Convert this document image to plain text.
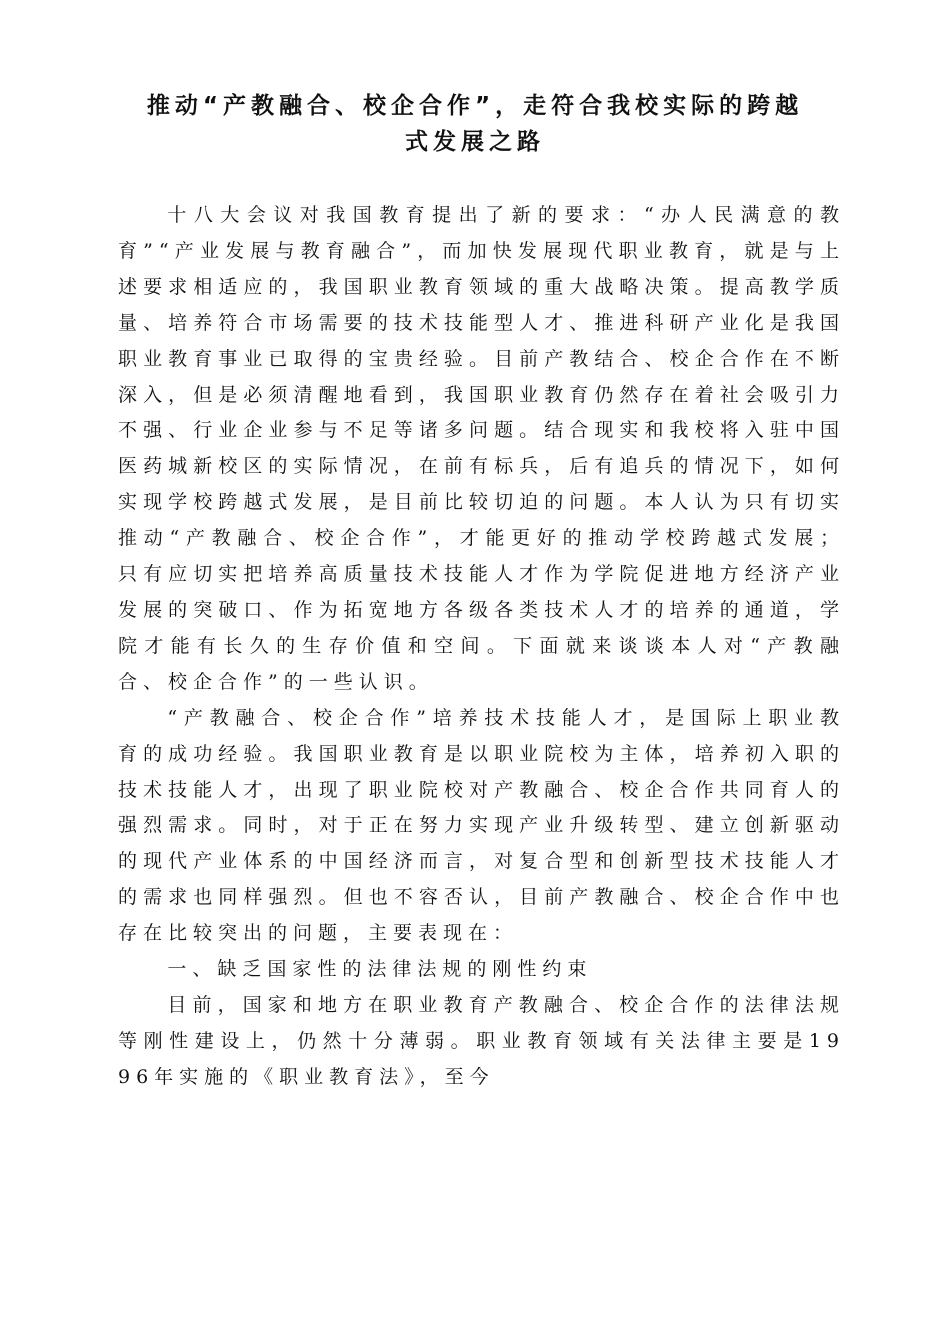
推动“产教融合、校企合作”，走符合我校实际的跨越
式发展之路

十八大会议对我国教育提出了新的要求：“办人民满意的教育”“产业发展与教育融合”，而加快发展现代职业教育，就是与上述要求相适应的，我国职业教育领域的重大战略决策。提高教学质量、培养符合市场需要的技术技能型人才、推进科研产业化是我国职业教育事业已取得的宝贵经验。目前产教结合、校企合作在不断深入，但是必须清醒地看到，我国职业教育仍然存在着社会吸引力不强、行业企业参与不足等诸多问题。结合现实和我校将入驻中国医药城新校区的实际情况，在前有标兵，后有追兵的情况下，如何实现学校跨越式发展，是目前比较切迫的问题。本人认为只有切实推动“产教融合、校企合作”，才能更好的推动学校跨越式发展；只有应切实把培养高质量技术技能人才作为学院促进地方经济产业发展的突破口、作为拓宽地方各级各类技术人才的培养的通道，学院才能有长久的生存价值和空间。下面就来谈谈本人对“产教融合、校企合作”的一些认识。

“产教融合、校企合作”培养技术技能人才，是国际上职业教育的成功经验。我国职业教育是以职业院校为主体，培养初入职的技术技能人才，出现了职业院校对产教融合、校企合作共同育人的强烈需求。同时，对于正在努力实现产业升级转型、建立创新驱动的现代产业体系的中国经济而言，对复合型和创新型技术技能人才的需求也同样强烈。但也不容否认，目前产教融合、校企合作中也存在比较突出的问题，主要表现在：

一、缺乏国家性的法律法规的刚性约束

目前，国家和地方在职业教育产教融合、校企合作的法律法规等刚性建设上，仍然十分薄弱。职业教育领域有关法律主要是1996年实施的《职业教育法》，至今
